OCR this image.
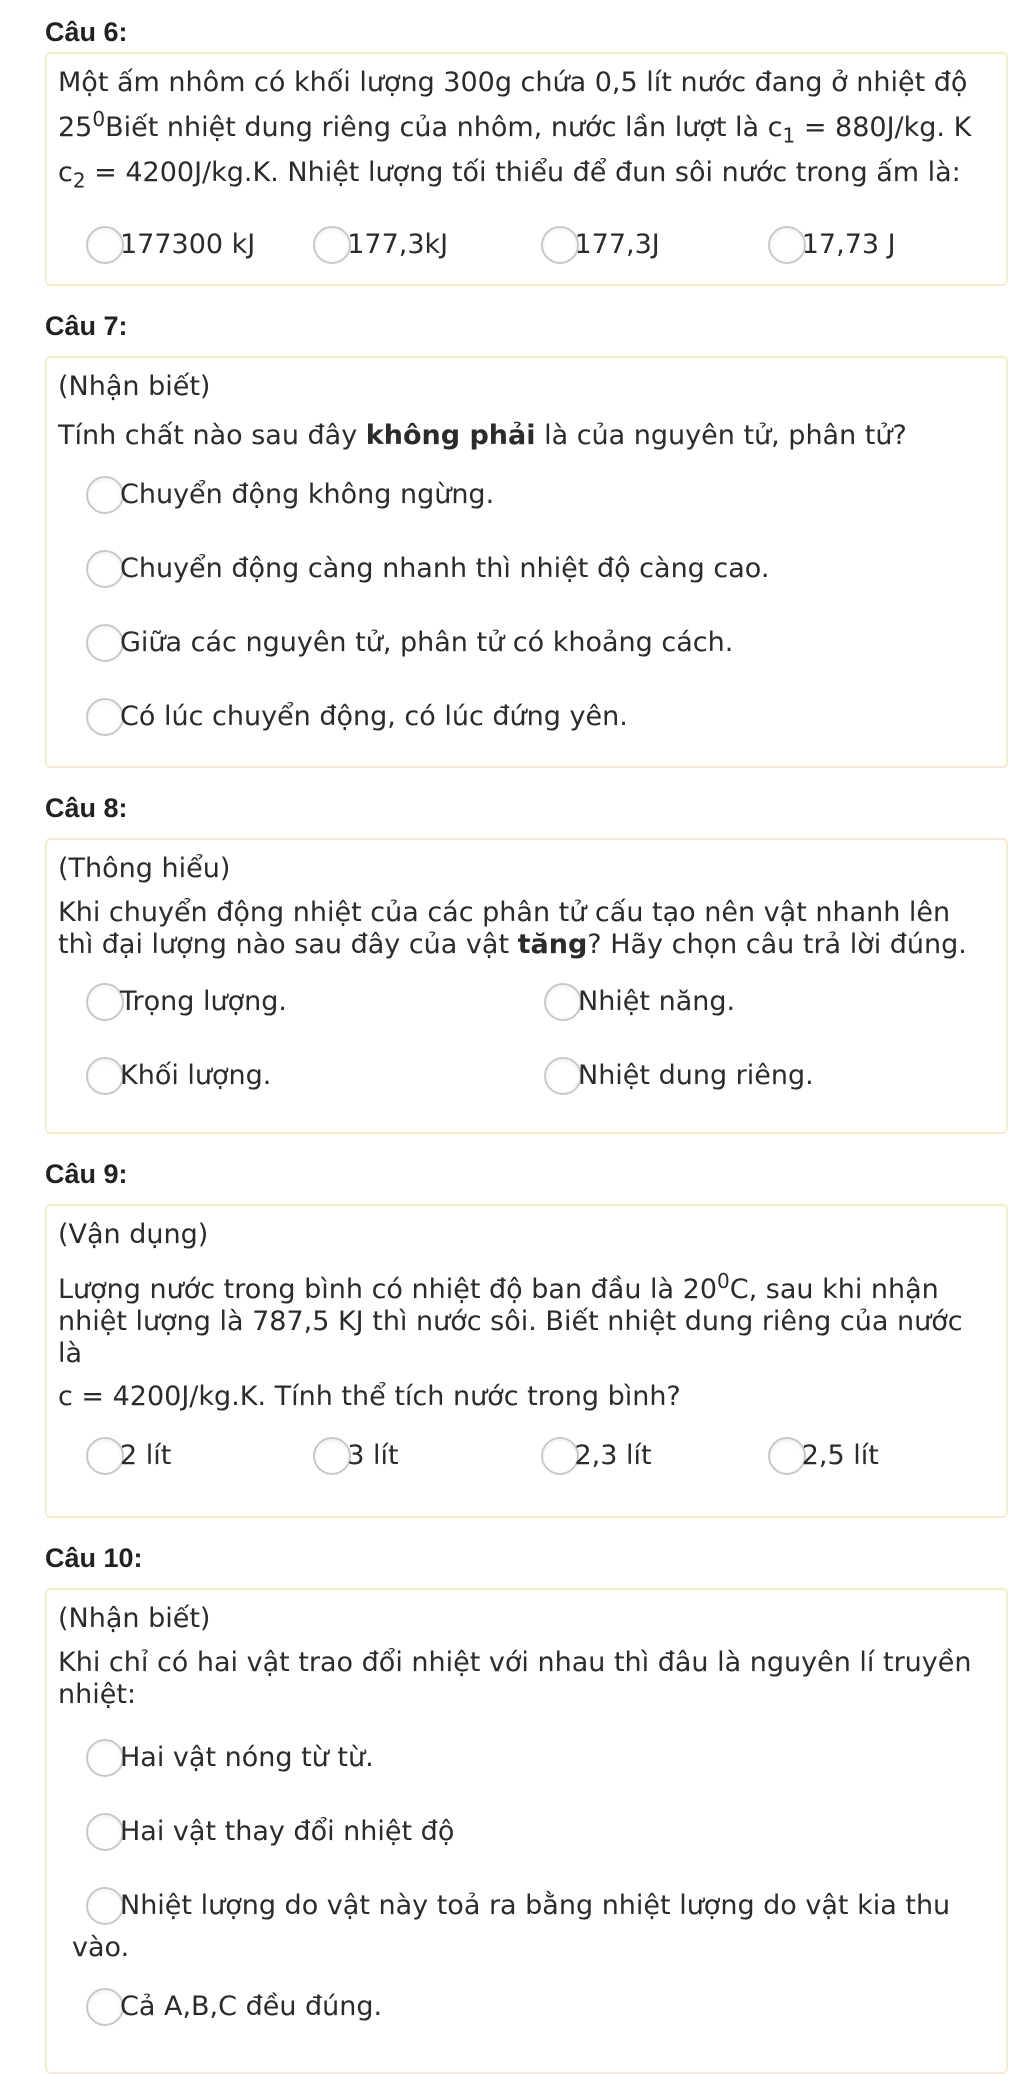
Câu 6:
Một ấm nhôm có khối lượng 300g chứa 0,5 lít nước đang ở nhiệt độ
$25^0Biết$ nhiệt dung riêng của nhôm, nước lần lượt là $c_1 = 880J/kg$. K
$c_2 = 4200J/kg.K$. Nhiệt lượng tối thiểu để đun sôi nước trong ấm là:
177300 kJ	177,3kJ	177,3J	17,73 J
Câu 7:
(Nhận biết)
Tính chất nào sau đây không phải là của nguyên tử, phân tử?
Chuyển động không ngừng.
Chuyển động càng nhanh thì nhiệt độ càng cao.
Giữa các nguyên tử, phân tử có khoảng cách.
Có lúc chuyển động, có lúc đứng yên.
Câu 8:
(Thông hiểu)
Khi chuyển động nhiệt của các phân tử cấu tạo nên vật nhanh lên
thì đại lượng nào sau đây của vật tăng? Hãy chọn câu trả lời đúng.
Trọng lượng.	Nhiệt năng.
Khối lượng.	Nhiệt dung riêng.
Câu 9:
(Vận dụng)
Lượng nước trong bình có nhiệt độ ban đầu là $20^0C$, sau khi nhận
nhiệt lượng là 787,5 KJ thì nước sôi. Biết nhiệt dung riêng của nước
là
c = 4200J/kg.K. Tính thể tích nước trong bình?
2 lít	3 lít	2,3 lít	2,5 lít
Câu 10:
(Nhận biết)
Khi chỉ có hai vật trao đổi nhiệt với nhau thì đâu là nguyên lí truyền
nhiệt:
Hai vật nóng từ từ.
Hai vật thay đổi nhiệt độ
Nhiệt lượng do vật này toả ra bằng nhiệt lượng do vật kia thu
vào.
Cả A,B,C đều đúng.
